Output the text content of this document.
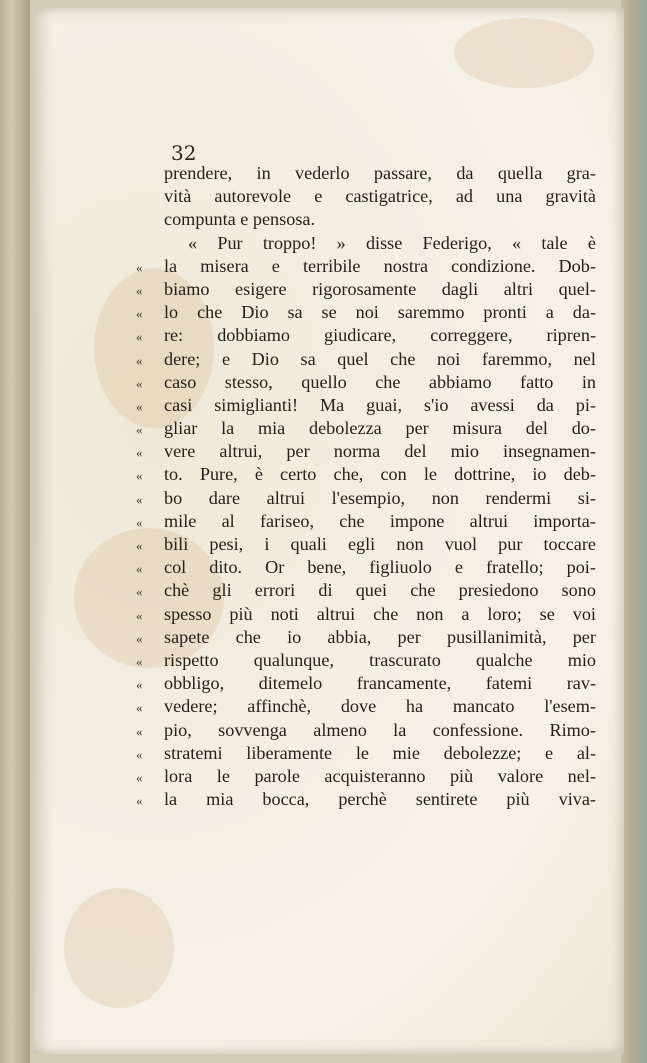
32
prendere, in vederlo passare, da quella gra-
vità autorevole e castigatrice, ad una gravità
compunta e pensosa.
« Pur troppo! » disse Federigo, « tale è
« la misera e terribile nostra condizione. Dob-
« biamo esigere rigorosamente dagli altri quel-
« lo che Dio sa se noi saremmo pronti a da-
« re: dobbiamo giudicare, correggere, ripren-
« dere; e Dio sa quel che noi faremmo, nel
« caso stesso, quello che abbiamo fatto in
« casi simiglianti! Ma guai, s'io avessi da pi-
« gliar la mia debolezza per misura del do-
« vere altrui, per norma del mio insegnamen-
« to. Pure, è certo che, con le dottrine, io deb-
« bo dare altrui l'esempio, non rendermi si-
« mile al fariseo, che impone altrui importa-
« bili pesi, i quali egli non vuol pur toccare
« col dito. Or bene, figliuolo e fratello; poi-
« chè gli errori di quei che presiedono sono
« spesso più noti altrui che non a loro; se voi
« sapete che io abbia, per pusillanimità, per
« rispetto qualunque, trascurato qualche mio
« obbligo, ditemelo francamente, fatemi rav-
« vedere; affinchè, dove ha mancato l'esem-
« pio, sovvenga almeno la confessione. Rimo-
« stratemi liberamente le mie debolezze; e al-
« lora le parole acquisteranno più valore nel-
« la mia bocca, perchè sentirete più viva-
